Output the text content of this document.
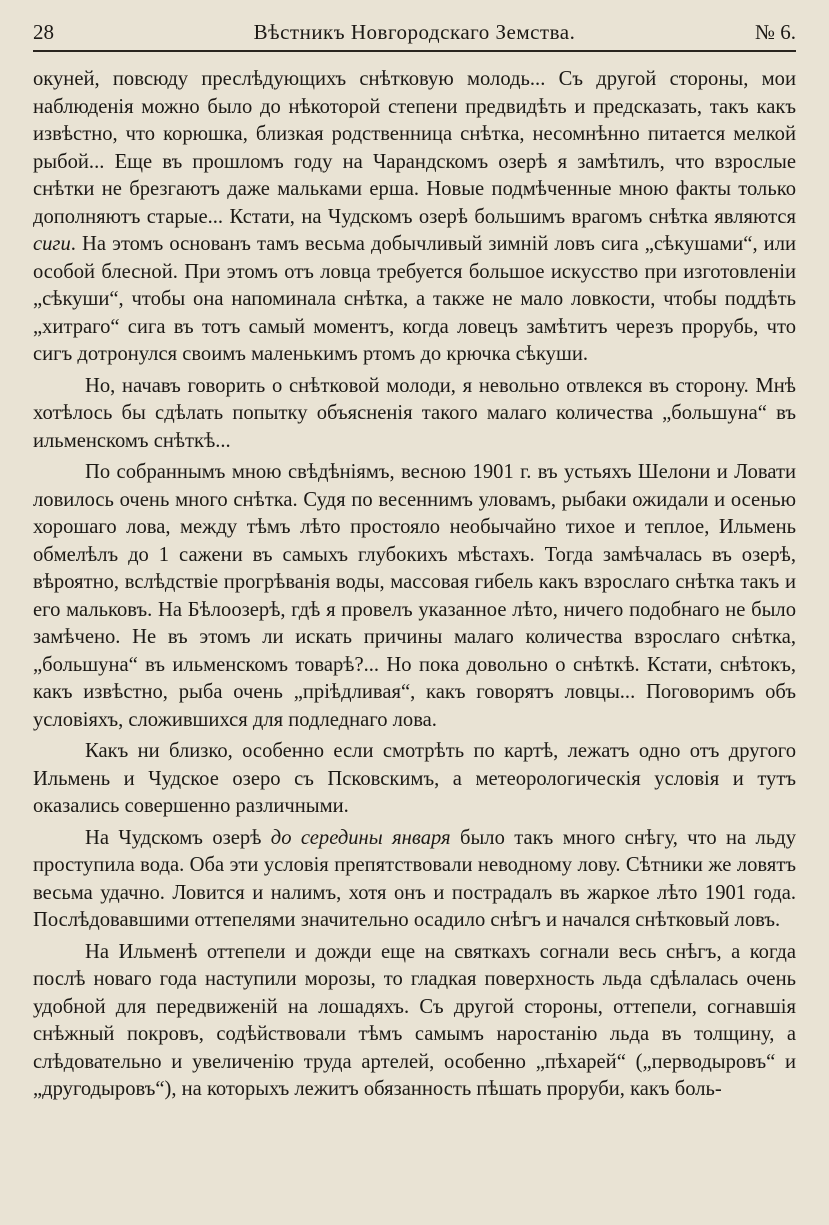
28	Вѣстникъ Новгородскаго Земства.	№ 6.

окуней, повсюду преслѣдующихъ снѣтковую молодь... Съ другой стороны, мои наблюденія можно было до нѣкоторой степени предвидѣть и предсказать, такъ какъ извѣстно, что корюшка, близкая родственница снѣтка, несомнѣнно питается мелкой рыбой... Еще въ прошломъ году на Чарандскомъ озерѣ я замѣтилъ, что взрослые снѣтки не брезгаютъ даже мальками ерша. Новые подмѣченные мною факты только дополняютъ старые... Кстати, на Чудскомъ озерѣ большимъ врагомъ снѣтка являются сиги. На этомъ основанъ тамъ весьма добычливый зимній ловъ сига „сѣкушами“, или особой блесной. При этомъ отъ ловца требуется большое искусство при изготовленіи „сѣкуши“, чтобы она напоминала снѣтка, а также не мало ловкости, чтобы поддѣть „хитраго“ сига въ тотъ самый моментъ, когда ловецъ замѣтитъ черезъ прорубь, что сигъ дотронулся своимъ маленькимъ ртомъ до крючка сѣкуши.

Но, начавъ говорить о снѣтковой молоди, я невольно отвлекся въ сторону. Мнѣ хотѣлось бы сдѣлать попытку объясненія такого малаго количества „большуна“ въ ильменскомъ снѣткѣ...

По собраннымъ мною свѣдѣніямъ, весною 1901 г. въ устьяхъ Шелони и Ловати ловилось очень много снѣтка. Судя по весеннимъ уловамъ, рыбаки ожидали и осенью хорошаго лова, между тѣмъ лѣто простояло необычайно тихое и теплое, Ильмень обмелѣлъ до 1 сажени въ самыхъ глубокихъ мѣстахъ. Тогда замѣчалась въ озерѣ, вѣроятно, вслѣдствіе прогрѣванія воды, массовая гибель какъ взрослаго снѣтка такъ и его мальковъ. На Бѣлоозерѣ, гдѣ я провелъ указанное лѣто, ничего подобнаго не было замѣчено. Не въ этомъ ли искать причины малаго количества взрослаго снѣтка, „большуна“ въ ильменскомъ товарѣ?... Но пока довольно о снѣткѣ. Кстати, снѣтокъ, какъ извѣстно, рыба очень „пріѣдливая“, какъ говорятъ ловцы... Поговоримъ объ условіяхъ, сложившихся для подледнаго лова.

Какъ ни близко, особенно если смотрѣть по картѣ, лежатъ одно отъ другого Ильмень и Чудское озеро съ Псковскимъ, а метеорологическія условія и тутъ оказались совершенно различными.

На Чудскомъ озерѣ до середины января было такъ много снѣгу, что на льду проступила вода. Оба эти условія препятствовали неводному лову. Сѣтники же ловятъ весьма удачно. Ловится и налимъ, хотя онъ и пострадалъ въ жаркое лѣто 1901 года. Послѣдовавшими оттепелями значительно осадило снѣгъ и начался снѣтковый ловъ.

На Ильменѣ оттепели и дожди еще на святкахъ согнали весь снѣгъ, а когда послѣ новаго года наступили морозы, то гладкая поверхность льда сдѣлалась очень удобной для передвиженій на лошадяхъ. Съ другой стороны, оттепели, согнавшія снѣжный покровъ, содѣйствовали тѣмъ самымъ наростанію льда въ толщину, а слѣдовательно и увеличенію труда артелей, особенно „пѣхарей“ („перводыровъ“ и „другодыровъ“), на которыхъ лежитъ обязанность пѣшать проруби, какъ боль-
